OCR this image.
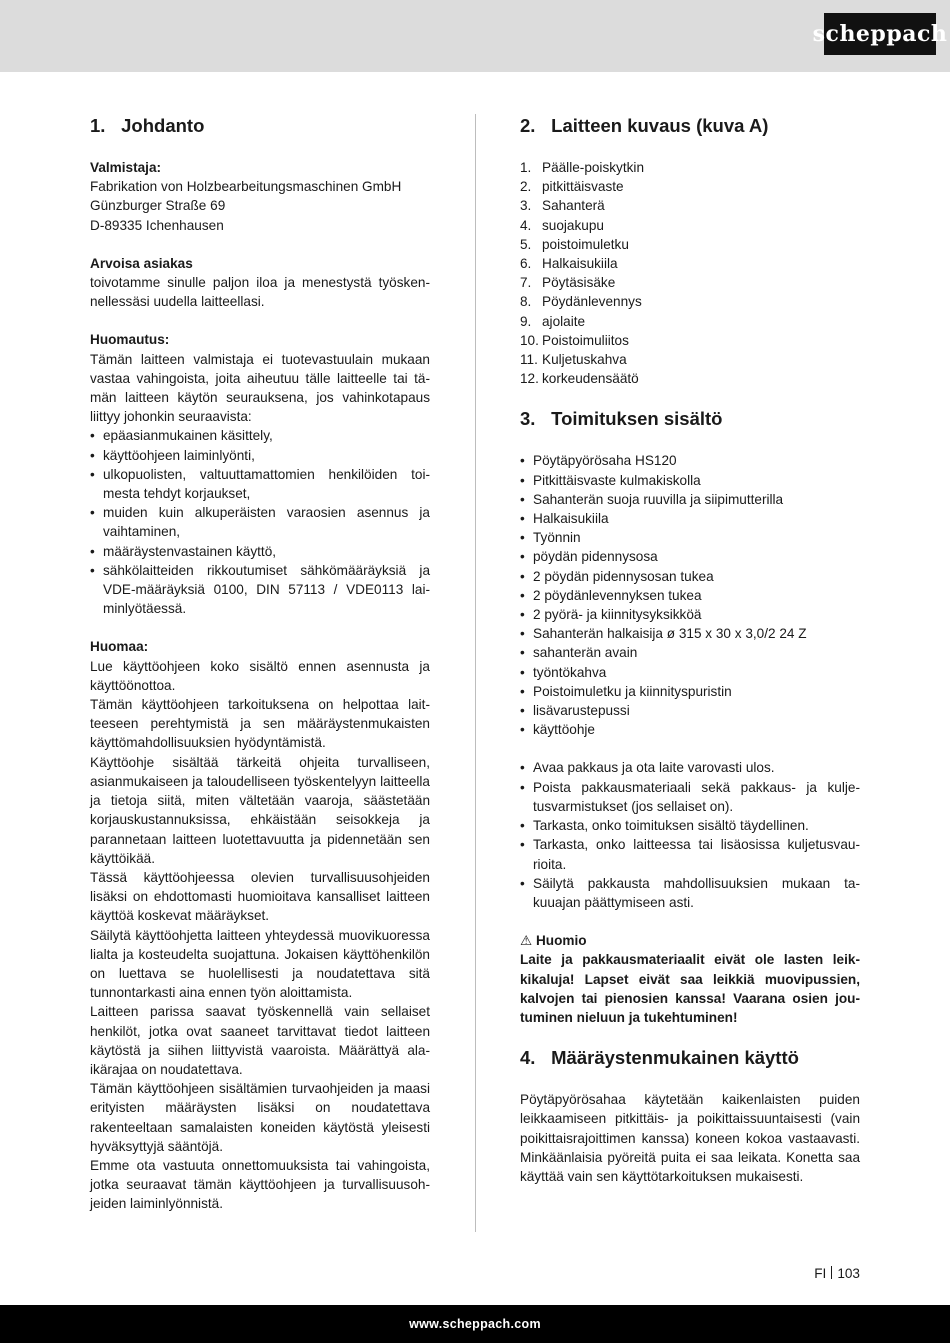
scheppach
1. Johdanto
Valmistaja:
Fabrikation von Holzbearbeitungsmaschinen GmbH
Günzburger Straße 69
D-89335 Ichenhausen
Arvoisa asiakas
toivotamme sinulle paljon iloa ja menestystä työskennellessäsi uudella laitteellasi.
Huomautus:
Tämän laitteen valmistaja ei tuotevastuulain mukaan vastaa vahingoista, joita aiheutuu tälle laitteelle tai tämän laitteen käytön seurauksena, jos vahinkotapaus liittyy johonkin seuraavista:
• epäasianmukainen käsittely,
• käyttöohjeen laiminlyönti,
• ulkopuolisten, valtuuttamattomien henkilöiden toimesta tehdyt korjaukset,
• muiden kuin alkuperäisten varaosien asennus ja vaihtaminen,
• määräystenvastainen käyttö,
• sähkölaitteiden rikkoutumiset sähkömääräyksiä ja VDE-määräyksiä 0100, DIN 57113 / VDE0113 laiminlyötäessä.
Huomaa:
Lue käyttöohjeen koko sisältö ennen asennusta ja käyttöönottoa.
Tämän käyttöohjeen tarkoituksena on helpottaa laitteeseen perehtymistä ja sen määräystenmukaisten käyttömahdollisuuksien hyödyntämistä.
Käyttöohje sisältää tärkeitä ohjeita turvalliseen, asianmukaiseen ja taloudelliseen työskentelyyn laitteella ja tietoja siitä, miten vältetään vaaroja, säästetään korjauskustannuksissa, ehkäistään seisokkeja ja parannetaan laitteen luotettavuutta ja pidennetään sen käyttöikää.
Tässä käyttöohjeessa olevien turvallisuusohjeiden lisäksi on ehdottomasti huomioitava kansalliset laitteen käyttöä koskevat määräykset.
Säilytä käyttöohjetta laitteen yhteydessä muovikuoressa lialta ja kosteudelta suojattuna. Jokaisen käyttöhenkilön on luettava se huolellisesti ja noudatettava sitä tunnontarkasti aina ennen työn aloittamista.
Laitteen parissa saavat työskennellä vain sellaiset henkilöt, jotka ovat saaneet tarvittavat tiedot laitteen käytöstä ja siihen liittyvistä vaaroista. Määrättyä alaikärajaa on noudatettava.
Tämän käyttöohjeen sisältämien turvaohjeiden ja maasi erityisten määräysten lisäksi on noudatettava rakenteeltaan samalaisten koneiden käytöstä yleisesti hyväksyttyjä sääntöjä.
Emme ota vastuuta onnettomuuksista tai vahingoista, jotka seuraavat tämän käyttöohjeen ja turvallisuusohjeiden laiminlyönnistä.
2. Laitteen kuvaus (kuva A)
1. Päälle-poiskytkin
2. pitkittäisvaste
3. Sahanterä
4. suojakupu
5. poistoimuletku
6. Halkaisukiila
7. Pöytäsisäke
8. Pöydänlevennys
9. ajolaite
10. Poistoimuliitos
11. Kuljetuskahva
12. korkeudensäätö
3. Toimituksen sisältö
• Pöytäpyörösaha HS120
• Pitkittäisvaste kulmakiskolla
• Sahanterän suoja ruuvilla ja siipimutterilla
• Halkaisukiila
• Työnnin
• pöydän pidennysosa
• 2 pöydän pidennysosan tukea
• 2 pöydänlevennyksen tukea
• 2 pyörä- ja kiinnitysyksikköä
• Sahanterän halkaisija ø 315 x 30 x 3,0/2 24 Z
• sahanterän avain
• työntökahva
• Poistoimuletku ja kiinnityspuristin
• lisävarustepussi
• käyttöohje
• Avaa pakkaus ja ota laite varovasti ulos.
• Poista pakkausmateriaali sekä pakkaus- ja kuljetusvarmistukset (jos sellaiset on).
• Tarkasta, onko toimituksen sisältö täydellinen.
• Tarkasta, onko laitteessa tai lisäosissa kuljetusvaurioita.
• Säilytä pakkausta mahdollisuuksien mukaan takuuajan päättymiseen asti.
⚠ Huomio
Laite ja pakkausmateriaalit eivät ole lasten leikkikaluja! Lapset eivät saa leikkiä muovipussien, kalvojen tai pienosien kanssa! Vaarana osien joutuminen nieluun ja tukehtuminen!
4. Määräystenmukainen käyttö
Pöytäpyörösahaa käytetään kaikenlaisten puiden leikkaamiseen pitkittäis- ja poikittaissuuntaisesti (vain poikittaisrajoittimen kanssa) koneen kokoa vastaavasti. Minkäänlaisia pyöreitä puita ei saa leikata. Konetta saa käyttää vain sen käyttötarkoituksen mukaisesti.
FI 103
www.scheppach.com
